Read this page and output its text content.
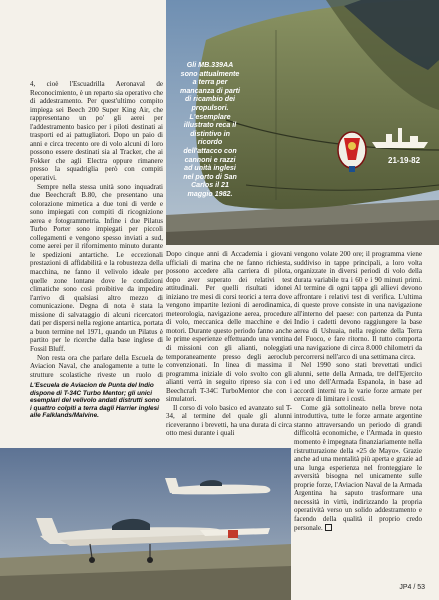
4, cioè l'Escuadrilla Aeronaval de Reconocimiento, è un reparto sia operativo che di addestramento. Per quest'ultimo compito impiega sei Beech 200 Super King Air, che rappresentano un po' gli aerei per l'addestramento basico per i piloti destinati ai trasporti ed ai pattugliatori. Dopo un paio di anni e circa trecento ore di volo alcuni di loro possono essere destinati sia al Tracker, che ai Fokker che agli Electra oppure rimanere presso la squadriglia però con compiti operativi.

Sempre nella stessa unità sono inquadrati due Beechcraft B.80, che presentano una colorazione mimetica a due toni di verde e sono impiegati con compiti di ricognizione aerea e fotogrammetria. Infine i due Pilatus Turbo Porter sono impiegati per piccoli collegamenti e vengono spesso inviati a sud, come aerei per il rifornimento minuto durante le spedizioni antartiche. Le eccezionali prestazioni di affidabilità e la robustezza della macchina, ne fanno il velivolo ideale per quelle zone lontane dove le condizioni climatiche sono così proibitive da impedire l'arrivo di qualsiasi altro mezzo di comunicazione. Degna di nota è stata la missione di salvataggio di alcuni ricercatori dati per dispersi nella regione antartica, portata a buon termine nel 1971, quando un Pilatus è partito per le ricerche dalla base inglese di Fossil Bluff.

Non resta ora che parlare della Escuela de Aviacion Naval, che analogamente a tutte le strutture scolastiche riveste un ruolo di

L'Escuela de Aviacion de Punta del Indio dispone di T-34C Turbo Mentor; gli unici esemplari del velivolo andati distrutti sono i quattro colpiti a terra dagli Harrier inglesi alle Falklands/Malvine.
21-19-82
Gli MB.339AA sono attualmente a terra per mancanza di parti di ricambio dei propulsori. L'esemplare illustrato reca il distintivo in ricordo dell'attacco con cannoni e razzi ad unità inglesi nel porto di San Carlos il 21 maggio 1982.

Dopo cinque anni di Accademia i giovani ufficiali di marina che ne fanno richiesta, possono accedere alla carriera di pilota, dopo aver superato dei relativi test attitudinali. Per quelli risultati idonei iniziano tre mesi di corsi teorici a terra dove vengono impartite lezioni di aerodinamica, meteorologia, navigazione aerea, procedure di volo, meccanica delle macchine e dei motori. Durante questo periodo fanno anche le prime esperienze effettuando una ventina di missioni con gli alianti, noleggiati temporaneamente presso degli aeroclub convenzionati. In linea di massima il programma iniziale di volo svolto con gli alianti verrà in seguito ripreso sia con i Beechcraft T-34C TurboMentor che con i simulatori.

Il corso di volo basico ed avanzato sul T-34, al termine del quale gli alunni riceveranno i brevetti, ha una durata di circa otto mesi durante i quali

vengono volate 200 ore; il programma viene suddiviso in tappe principali, a loro volta organizzate in diversi periodi di volo della durata variabile tra i 60 e i 90 minuti primi. Al termine di ogni tappa gli allievi devono affrontare i relativi test di verifica. L'ultima di queste prove consiste in una navigazione all'interno del paese: con partenza da Punta Indio i cadetti devono raggiungere la base aerea di Ushuaia, nella regione della Terra del Fuoco, e fare ritorno. Il tutto comporta una navigazione di circa 8.000 chilometri da percorrersi nell'arco di una settimana circa.

Nel 1990 sono stati brevettati undici alunni, sette della Armada, tre dell'Ejercito ed uno dell'Armada Espanola, in base ad accordi interni tra le varie forze armate per cercare di limitare i costi.

Come già sottolineato nella breve nota introduttiva, tutte le forze armate argentine stanno attraversando un periodo di grandi difficoltà economiche, e l'Armada in questo momento è impegnata finanziariamente nella ristrutturazione della «25 de Mayo». Grazie anche ad una mentalità più aperta e grazie ad una lunga esperienza nel fronteggiare le avversità bisogna nel unicamente sulle proprie forze, l'Aviacion Naval de la Armada Argentina ha saputo trasformare una necessità in virtù, indirizzando la propria operatività verso un solido addestramento e facendo della qualità il proprio credo personale.

JP4 / 53
